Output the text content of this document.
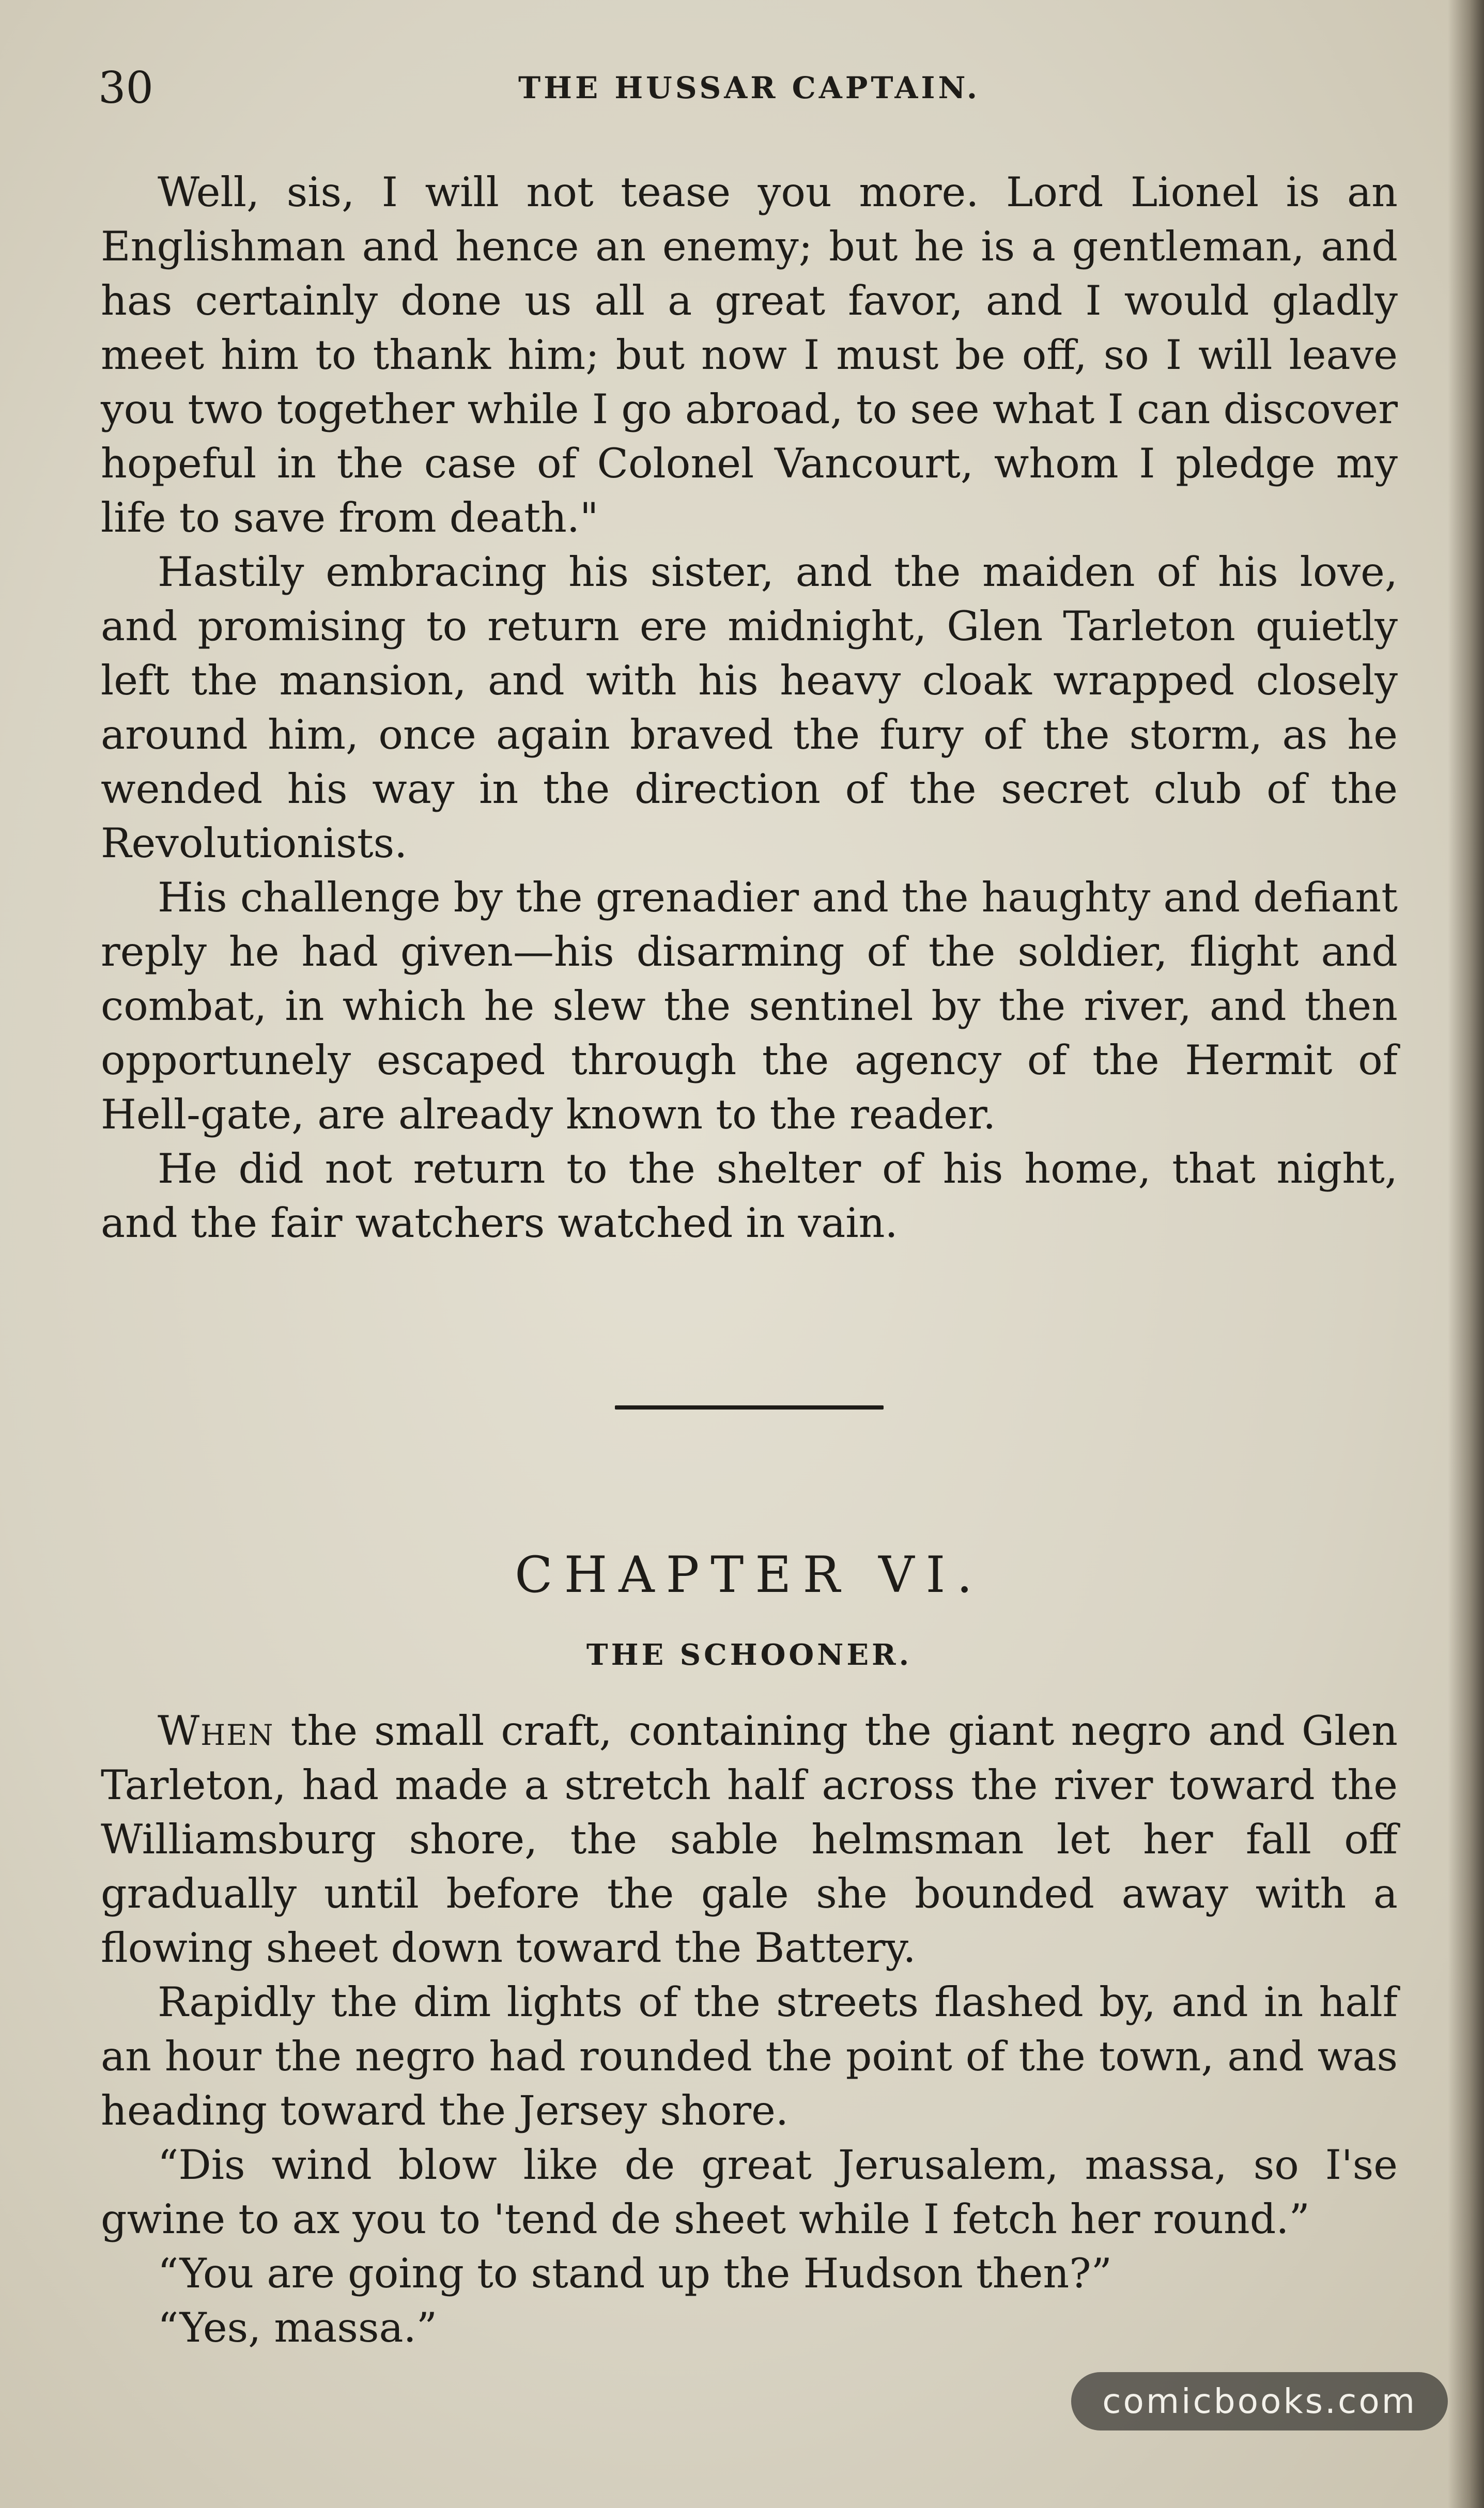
30	THE HUSSAR CAPTAIN.

Well, sis, I will not tease you more. Lord Lionel is an Englishman and hence an enemy; but he is a gentleman, and has certainly done us all a great favor, and I would gladly meet him to thank him; but now I must be off, so I will leave you two together while I go abroad, to see what I can discover hopeful in the case of Colonel Vancourt, whom I pledge my life to save from death."

Hastily embracing his sister, and the maiden of his love, and promising to return ere midnight, Glen Tarleton quietly left the mansion, and with his heavy cloak wrapped closely around him, once again braved the fury of the storm, as he wended his way in the direction of the secret club of the Revolutionists.

His challenge by the grenadier and the haughty and defiant reply he had given—his disarming of the soldier, flight and combat, in which he slew the sentinel by the river, and then opportunely escaped through the agency of the Hermit of Hell-gate, are already known to the reader.

He did not return to the shelter of his home, that night, and the fair watchers watched in vain.

CHAPTER VI.
THE SCHOONER.

When the small craft, containing the giant negro and Glen Tarleton, had made a stretch half across the river toward the Williamsburg shore, the sable helmsman let her fall off gradually until before the gale she bounded away with a flowing sheet down toward the Battery.

Rapidly the dim lights of the streets flashed by, and in half an hour the negro had rounded the point of the town, and was heading toward the Jersey shore.

“Dis wind blow like de great Jerusalem, massa, so I'se gwine to ax you to 'tend de sheet while I fetch her round.”

“You are going to stand up the Hudson then?”

“Yes, massa.”

comicbooks.com
